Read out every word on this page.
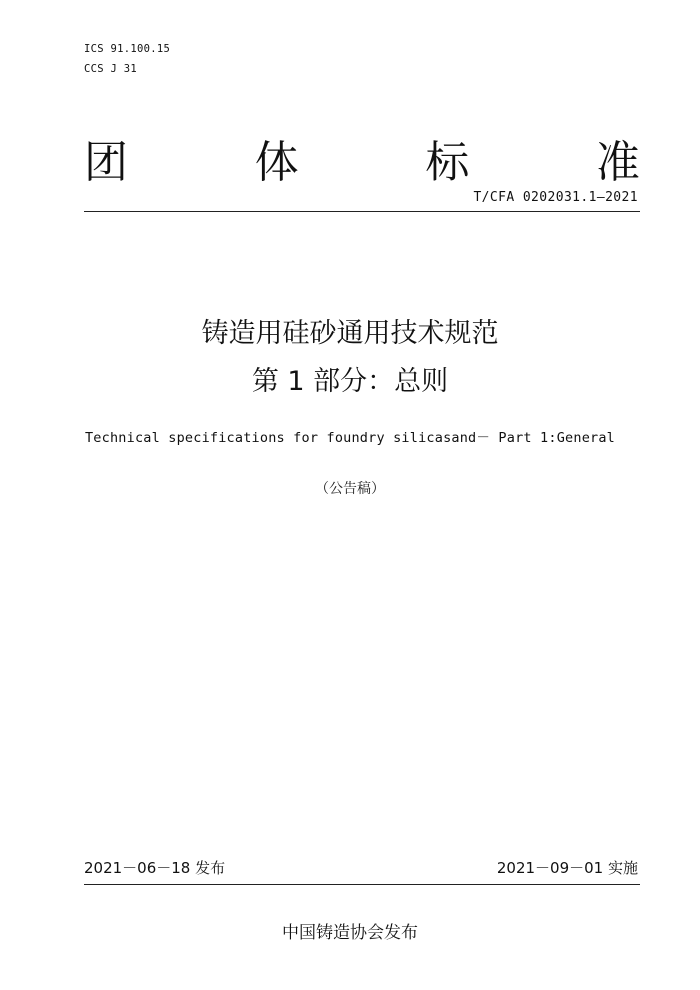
ICS 91.100.15
CCS J 31
团	体	标	准
T/CFA 0202031.1—2021
铸造用硅砂通用技术规范
第 1 部分：总则
Technical specifications for foundry silicasand－ Part 1:General
（公告稿）
2021－06－18 发布	2021－09－01 实施
中国铸造协会发布
